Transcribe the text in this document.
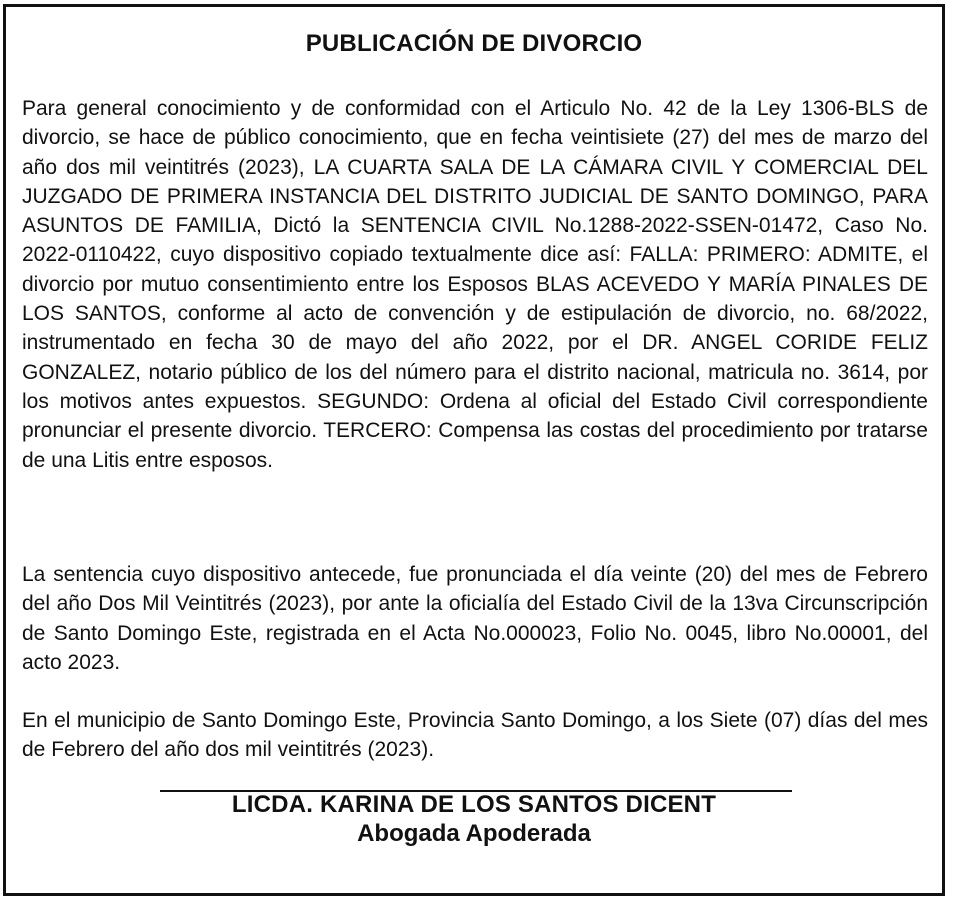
PUBLICACIÓN DE DIVORCIO

Para general conocimiento y de conformidad con el Articulo No. 42 de la Ley 1306-BLS de divorcio, se hace de público conocimiento, que en fecha veintisiete (27) del mes de marzo del año dos mil veintitrés (2023), LA CUARTA SALA DE LA CÁMARA CIVIL Y COMERCIAL DEL JUZGADO DE PRIMERA INSTANCIA DEL DISTRITO JUDICIAL DE SANTO DOMINGO, PARA ASUNTOS DE FAMILIA, Dictó la SENTENCIA CIVIL No.1288-2022-SSEN-01472, Caso No. 2022-0110422, cuyo dispositivo copiado textualmente dice así: FALLA: PRIMERO: ADMITE, el divorcio por mutuo consentimiento entre los Esposos BLAS ACEVEDO Y MARÍA PINALES DE LOS SANTOS, conforme al acto de convención y de estipulación de divorcio, no. 68/2022, instrumentado en fecha 30 de mayo del año 2022, por el DR. ANGEL CORIDE FELIZ GONZALEZ, notario público de los del número para el distrito nacional, matricula no. 3614, por los motivos antes expuestos. SEGUNDO: Ordena al oficial del Estado Civil correspondiente pronunciar el presente divorcio. TERCERO: Compensa las costas del procedimiento por tratarse de una Litis entre esposos.

La sentencia cuyo dispositivo antecede, fue pronunciada el día veinte (20) del mes de Febrero del año Dos Mil Veintitrés (2023), por ante la oficialía del Estado Civil de la 13va Circunscripción de Santo Domingo Este, registrada en el Acta No.000023, Folio No. 0045, libro No.00001, del acto 2023.

En el municipio de Santo Domingo Este, Provincia Santo Domingo, a los Siete (07) días del mes de Febrero del año dos mil veintitrés (2023).

LICDA. KARINA DE LOS SANTOS DICENT
Abogada Apoderada
